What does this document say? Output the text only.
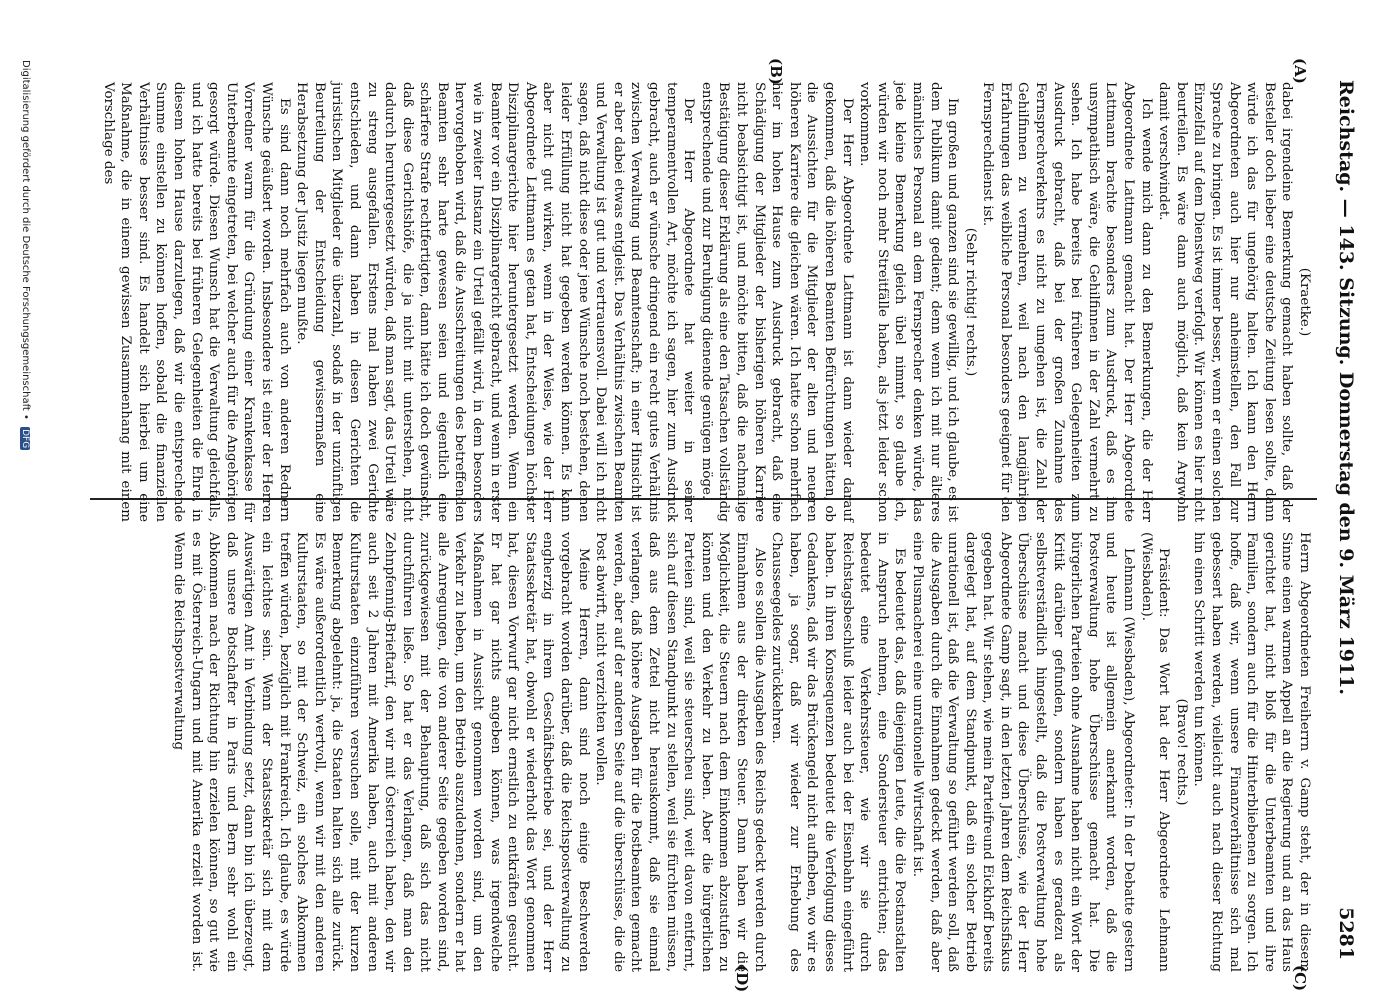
Reichstag. — 143. Sitzung. Donnerstag den 9. März 1911.
5281
(A)
(B)
(C)
(D)

(Kraetke.)

dabei irgendeine Bemerkung gemacht haben sollte, daß der Besteller doch lieber eine deutsche Zeitung lesen sollte, dann würde ich das für ungehörig halten. Ich kann den Herrn Abgeordneten auch hier nur anheimstellen, den Fall zur Sprache zu bringen. Es ist immer besser, wenn er einen solchen Einzelfall auf dem Dienstweg verfolgt. Wir können es hier nicht beurteilen. Es wäre dann auch möglich, daß kein Argwohn damit verschwindet.

Ich wende mich dann zu den Bemerkungen, die der Herr Abgeordnete Lattmann gemacht hat. Der Herr Abgeordnete Lattmann brachte besonders zum Ausdruck, daß es ihm unsympathisch wäre, die Gehilfinnen in der Zahl vermehrt zu sehen. Ich habe bereits bei früheren Gelegenheiten zum Ausdruck gebracht, daß bei der großen Zunahme des Fernsprechverkehrs es nicht zu umgehen ist, die Zahl der Gehilfinnen zu vermehren, weil nach den langjährigen Erfahrungen das weibliche Personal besonders geeignet für den Fernsprechdienst ist.

(Sehr richtig! rechts.)

Im großen und ganzen sind sie gewillig, und ich glaube, es ist dem Publikum damit gedient; denn wenn ich mit nur älteres männliches Personal an dem Fernsprecher denken würde, das jede kleine Bemerkung gleich übel nimmt, so glaube ich, würden wir noch mehr Streitfälle haben, als jetzt leider schon vorkommen.

Der Herr Abgeordnete Lattmann ist dann wieder darauf gekommen, daß die höheren Beamten Befürchtungen hätten, ob die Aussichten für die Mitglieder der alten und neueren höheren Karriere die gleichen wären. Ich hatte schon mehrfach hier im hohen Hause zum Ausdruck gebracht, daß eine Schädigung der Mitglieder der bisherigen höheren Karriere nicht beabsichtigt ist, und möchte bitten, daß die nachmalige Bestätigung dieser Erklärung als eine den Tatsachen vollständig entsprechende und zur Beruhigung dienende genügen möge.

Der Herr Abgeordnete hat weiter in seiner temperamentvollen Art, möchte ich sagen, hier zum Ausdruck gebracht, auch er wünsche dringend ein recht gutes Verhältnis zwischen Verwaltung und Beamtenschaft; in einer Hinsicht ist er aber dabei etwas entgleist. Das Verhältnis zwischen Beamten und Verwaltung ist gut und vertrauensvoll. Dabei will ich nicht sagen, daß nicht diese oder jene Wünsche noch bestehen, denen leider Erfüllung nicht hat gegeben werden können. Es kann aber nicht gut wirken, wenn in der Weise, wie der Herr Abgeordnete Lattmann es getan hat, Entscheidungen höchster Disziplinargerichte hier heruntergesetzt werden. Wenn ein Beamter vor ein Disziplinargericht gebracht, und wenn in erster wie in zweiter Instanz ein Urteil gefällt wird, in dem besonders hervorgehoben wird, daß die Ausschreitungen des betreffenden Beamten sehr harte gewesen seien und eigentlich eine schärfere Strafe rechtfertigten, dann hätte ich doch gewünscht, daß diese Gerichtshöfe, die ja nicht mit unterstehen, nicht dadurch heruntergesetzt würden, daß man sagt, das Urteil wäre zu streng ausgefallen. Erstens mal haben zwei Gerichte entschieden, und dann haben in diesen Gerichten die juristischen Mitglieder die überzahl, sodaß in der unzünftigen Beurteilung der Entscheidung gewissermaßen eine Herabsetzung der Justiz liegen mußte.

Es sind dann noch mehrfach auch von anderen Rednern Wünsche geäußert worden. Insbesondere ist einer der Herren Vorredner warm für die Gründung einer Krankenkasse für Unterbeamte eingetreten, bei welcher auch für die Angehörigen gesorgt würde. Diesen Wunsch hat die Verwaltung gleichfalls, und ich hatte bereits bei früheren Gelegenheiten die Ehre, in diesem hohen Hause darzulegen, daß wir die entsprechende Summe einstellen zu können hoffen, sobald die finanziellen Verhältnisse besser sind. Es handelt sich hierbei um eine Maßnahme, die in einem gewissen Zusammenhang mit einem Vorschlage des

Herrn Abgeordneten Freiherrn v. Gamp steht, der in diesem Sinne einen warmen Appell an die Regierung und an das Haus gerichtet hat, nicht bloß für die Unterbeamten und ihre Familien, sondern auch für die Hinterbliebenen zu sorgen. Ich hoffe, daß wir, wenn unsere Finanzverhältnisse sich mal gebessert haben werden, vielleicht auch nach dieser Richtung hin einen Schritt werden tun können.

(Bravo! rechts.)

Präsident: Das Wort hat der Herr Abgeordnete Lehmann (Wiesbaden).

Lehmann (Wiesbaden), Abgeordneter: In der Debatte gestern und heute ist allgemein anerkannt worden, daß die Postverwaltung hohe Überschüsse gemacht hat. Die bürgerlichen Parteien ohne Ausnahme haben nicht ein Wort der Kritik darüber gefunden, sondern haben es geradezu als selbstverständlich hingestellt, daß die Postverwaltung hohe Überschüsse macht und diese Überschüsse, wie der Herr Abgeordnete Gamp sagt, in den letzten Jahren dem Reichsfiskus gegeben hat. Wir stehen, wie mein Parteifreund Eickhoff bereits dargelegt hat, auf dem Standpunkt, daß ein solcher Betrieb unrationell ist, daß die Verwaltung so geführt werden soll, daß die Ausgaben durch die Einnahmen gedeckt werden, daß aber eine Plusmacherei eine unrationelle Wirtschaft ist.

Es bedeutet das, daß diejenigen Leute, die die Postanstalten in Anspruch nehmen, eine Sondersteuer entrichten; das bedeutet eine Verkehrssteuer, wie wir sie durch Reichstagsbeschluß leider auch bei der Eisenbahn eingeführt haben. In ihren Konsequenzen bedeutet die Verfolgung dieses Gedankens, daß wir das Brückengeld nicht aufheben, wo wir es haben, ja sogar, daß wir wieder zur Erhebung des Chausseegeldes zurückkehren.

Also es sollen die Ausgaben des Reichs gedeckt werden durch Einnahmen aus der direkten Steuer. Dann haben wir die Möglichkeit, die Steuern nach dem Einkommen abzustufen zu können und den Verkehr zu heben. Aber die bürgerlichen Parteien sind, weil sie steuerscheu sind, weit davon entfernt, sich auf diesen Standpunkt zu stellen, weil sie fürchten müssen, daß aus dem Zettel nicht herauskommt, daß sie einmal verlangen, daß höhere Ausgaben für die Postbeamten gemacht werden, aber auf der anderen Seite auf die überschüsse, die die Post abwirft, nicht verzichten wollen.

Meine Herren, dann sind noch einige Beschwerden vorgebracht worden darüber, daß die Reichspostverwaltung zu engherzig in ihrem Geschäftsbetriebe sei, und der Herr Staatssekretär hat, obwohl er wiederholt das Wort genommen hat, diesen Vorwurf gar nicht ernstlich zu entkräften gesucht. Er hat gar nichts angeben können, was irgendwelche Maßnahmen in Aussicht genommen worden sind, um den Verkehr zu heben, um den Betrieb auszudehnen, sondern er hat alle Anregungen, die von anderer Seite gegeben worden sind, zurückgewiesen mit der Behauptung, daß sich das nicht durchführen ließe. So hat er das Verlangen, daß man den Zehnpfennig-Brieftarif, den wir mit Österreich haben, den wir auch seit 2 Jahren mit Amerika haben, auch mit anderen Kulturstaaten einzuführen versuchen solle, mit der kurzen Bemerkung abgelehnt: ja, die Staaten halten sich alle zurück. Es wäre außerordentlich wertvoll, wenn wir mit den anderen Kulturstaaten, so mit der Schweiz, ein solches Abkommen treffen würden, bezüglich mit Frankreich. Ich glaube, es würde ein leichtes sein. Wenn der Staatssekretär sich mit dem Auswärtigen Amt in Verbindung setzt, dann bin ich überzeugt, daß unsere Botschafter in Paris und Bern sehr wohl ein Abkommen nach der Richtung hin erzielen können, so gut wie es mit Österreich-Ungarn und mit Amerika erzielt worden ist. Wenn die Reichspostverwaltung

Digitalisierung gefördert durch die Deutsche Forschungsgemeinschaft • DFG
